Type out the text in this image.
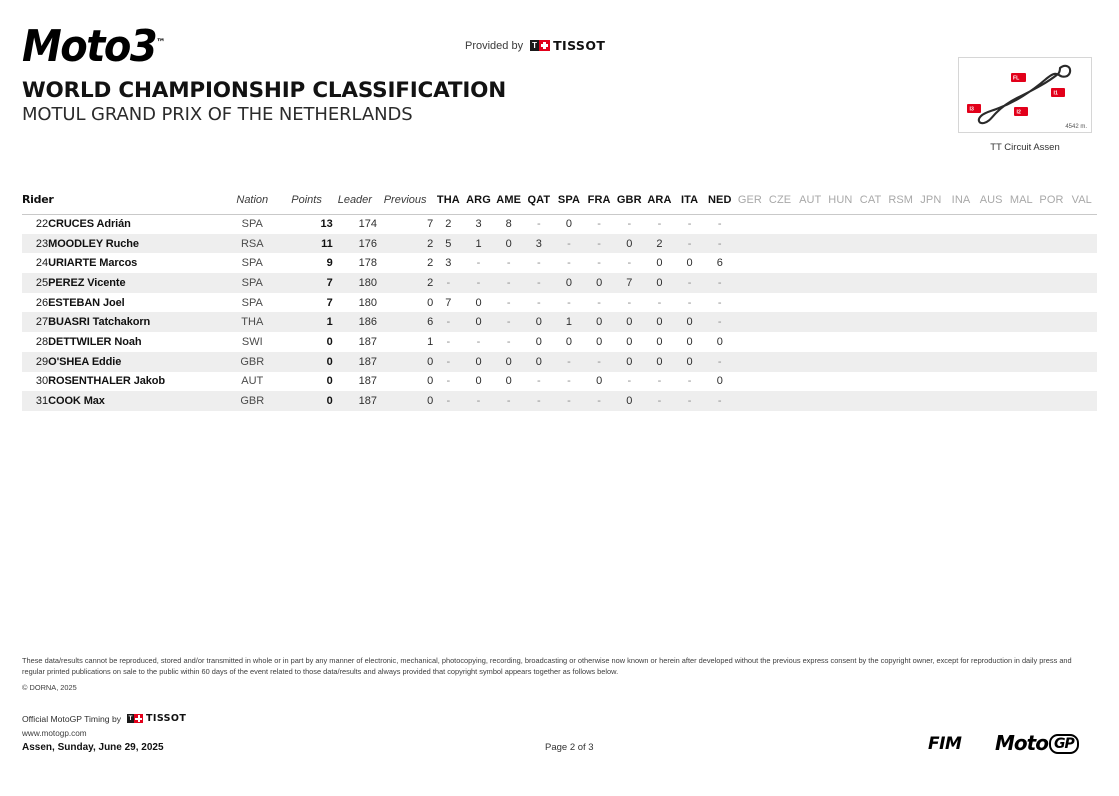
Moto3™	Provided by T TISSOT
WORLD CHAMPIONSHIP CLASSIFICATION
MOTUL GRAND PRIX OF THE NETHERLANDS
S
FL
I1
I2
I3
4542 m.
TT Circuit Assen
Rider		Nation	Points	Leader	Previous	THA	ARG	AME	QAT	SPA	FRA	GBR	ARA	ITA	NED	GER	CZE	AUT	HUN	CAT	RSM	JPN	INA	AUS	MAL	POR	VAL
22	CRUCES Adrián	SPA	13	174	7	2	3	8	-	0	-	-	-	-	-												
23	MOODLEY Ruche	RSA	11	176	2	5	1	0	3	-	-	0	2	-	-												
24	URIARTE Marcos	SPA	9	178	2	3	-	-	-	-	-	-	0	0	6												
25	PEREZ Vicente	SPA	7	180	2	-	-	-	-	0	0	7	0	-	-												
26	ESTEBAN Joel	SPA	7	180	0	7	0	-	-	-	-	-	-	-	-												
27	BUASRI Tatchakorn	THA	1	186	6	-	0	-	0	1	0	0	0	0	-												
28	DETTWILER Noah	SWI	0	187	1	-	-	-	0	0	0	0	0	0	0												
29	O'SHEA Eddie	GBR	0	187	0	-	0	0	0	-	-	0	0	0	-												
30	ROSENTHALER Jakob	AUT	0	187	0	-	0	0	-	-	0	-	-	-	0												
31	COOK Max	GBR	0	187	0	-	-	-	-	-	-	0	-	-	-												
These data/results cannot be reproduced, stored and/or transmitted in whole or in part by any manner of electronic, mechanical, photocopying, recording, broadcasting or otherwise now known or herein after developed without the previous express consent by the copyright owner, except for reproduction in daily press and regular printed publications on sale to the public within 60 days of the event related to those data/results and always provided that copyright symbol appears together as follows below.
© DORNA, 2025
Official MotoGP Timing by T TISSOT
www.motogp.com
Assen, Sunday, June 29, 2025	Page 2 of 3	FIM Moto GP
